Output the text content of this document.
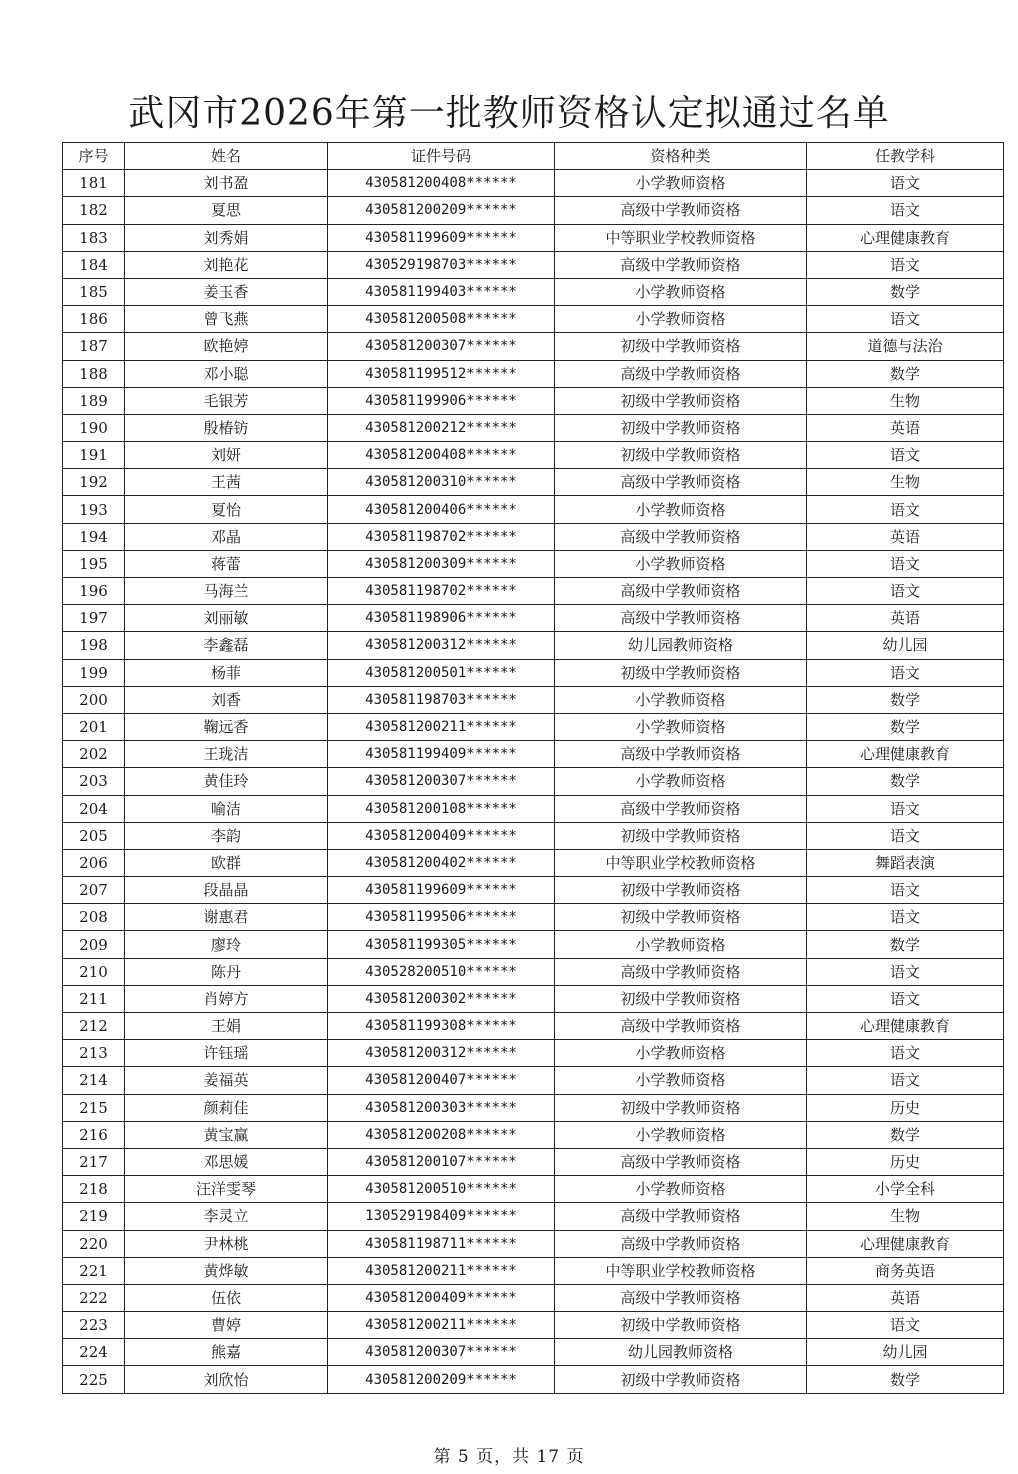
武冈市2026年第一批教师资格认定拟通过名单
序号	姓名	证件号码	资格种类	任教学科
181	刘书盈	430581200408******	小学教师资格	语文
182	夏思	430581200209******	高级中学教师资格	语文
183	刘秀娟	430581199609******	中等职业学校教师资格	心理健康教育
184	刘艳花	430529198703******	高级中学教师资格	语文
185	姜玉香	430581199403******	小学教师资格	数学
186	曾飞燕	430581200508******	小学教师资格	语文
187	欧艳婷	430581200307******	初级中学教师资格	道德与法治
188	邓小聪	430581199512******	高级中学教师资格	数学
189	毛银芳	430581199906******	初级中学教师资格	生物
190	殷椿钫	430581200212******	初级中学教师资格	英语
191	刘妍	430581200408******	初级中学教师资格	语文
192	王茜	430581200310******	高级中学教师资格	生物
193	夏怡	430581200406******	小学教师资格	语文
194	邓晶	430581198702******	高级中学教师资格	英语
195	蒋蕾	430581200309******	小学教师资格	语文
196	马海兰	430581198702******	高级中学教师资格	语文
197	刘丽敏	430581198906******	高级中学教师资格	英语
198	李鑫磊	430581200312******	幼儿园教师资格	幼儿园
199	杨菲	430581200501******	初级中学教师资格	语文
200	刘香	430581198703******	小学教师资格	数学
201	鞠远香	430581200211******	小学教师资格	数学
202	王珑洁	430581199409******	高级中学教师资格	心理健康教育
203	黄佳玲	430581200307******	小学教师资格	数学
204	喻洁	430581200108******	高级中学教师资格	语文
205	李韵	430581200409******	初级中学教师资格	语文
206	欧群	430581200402******	中等职业学校教师资格	舞蹈表演
207	段晶晶	430581199609******	初级中学教师资格	语文
208	谢惠君	430581199506******	初级中学教师资格	语文
209	廖玲	430581199305******	小学教师资格	数学
210	陈丹	430528200510******	高级中学教师资格	语文
211	肖婷方	430581200302******	初级中学教师资格	语文
212	王娟	430581199308******	高级中学教师资格	心理健康教育
213	许钰瑶	430581200312******	小学教师资格	语文
214	姜福英	430581200407******	小学教师资格	语文
215	颜莉佳	430581200303******	初级中学教师资格	历史
216	黄宝赢	430581200208******	小学教师资格	数学
217	邓思媛	430581200107******	高级中学教师资格	历史
218	汪洋雯琴	430581200510******	小学教师资格	小学全科
219	李灵立	130529198409******	高级中学教师资格	生物
220	尹林桃	430581198711******	高级中学教师资格	心理健康教育
221	黄烨敏	430581200211******	中等职业学校教师资格	商务英语
222	伍依	430581200409******	高级中学教师资格	英语
223	曹婷	430581200211******	初级中学教师资格	语文
224	熊嘉	430581200307******	幼儿园教师资格	幼儿园
225	刘欣怡	430581200209******	初级中学教师资格	数学
第 5 页，共 17 页
